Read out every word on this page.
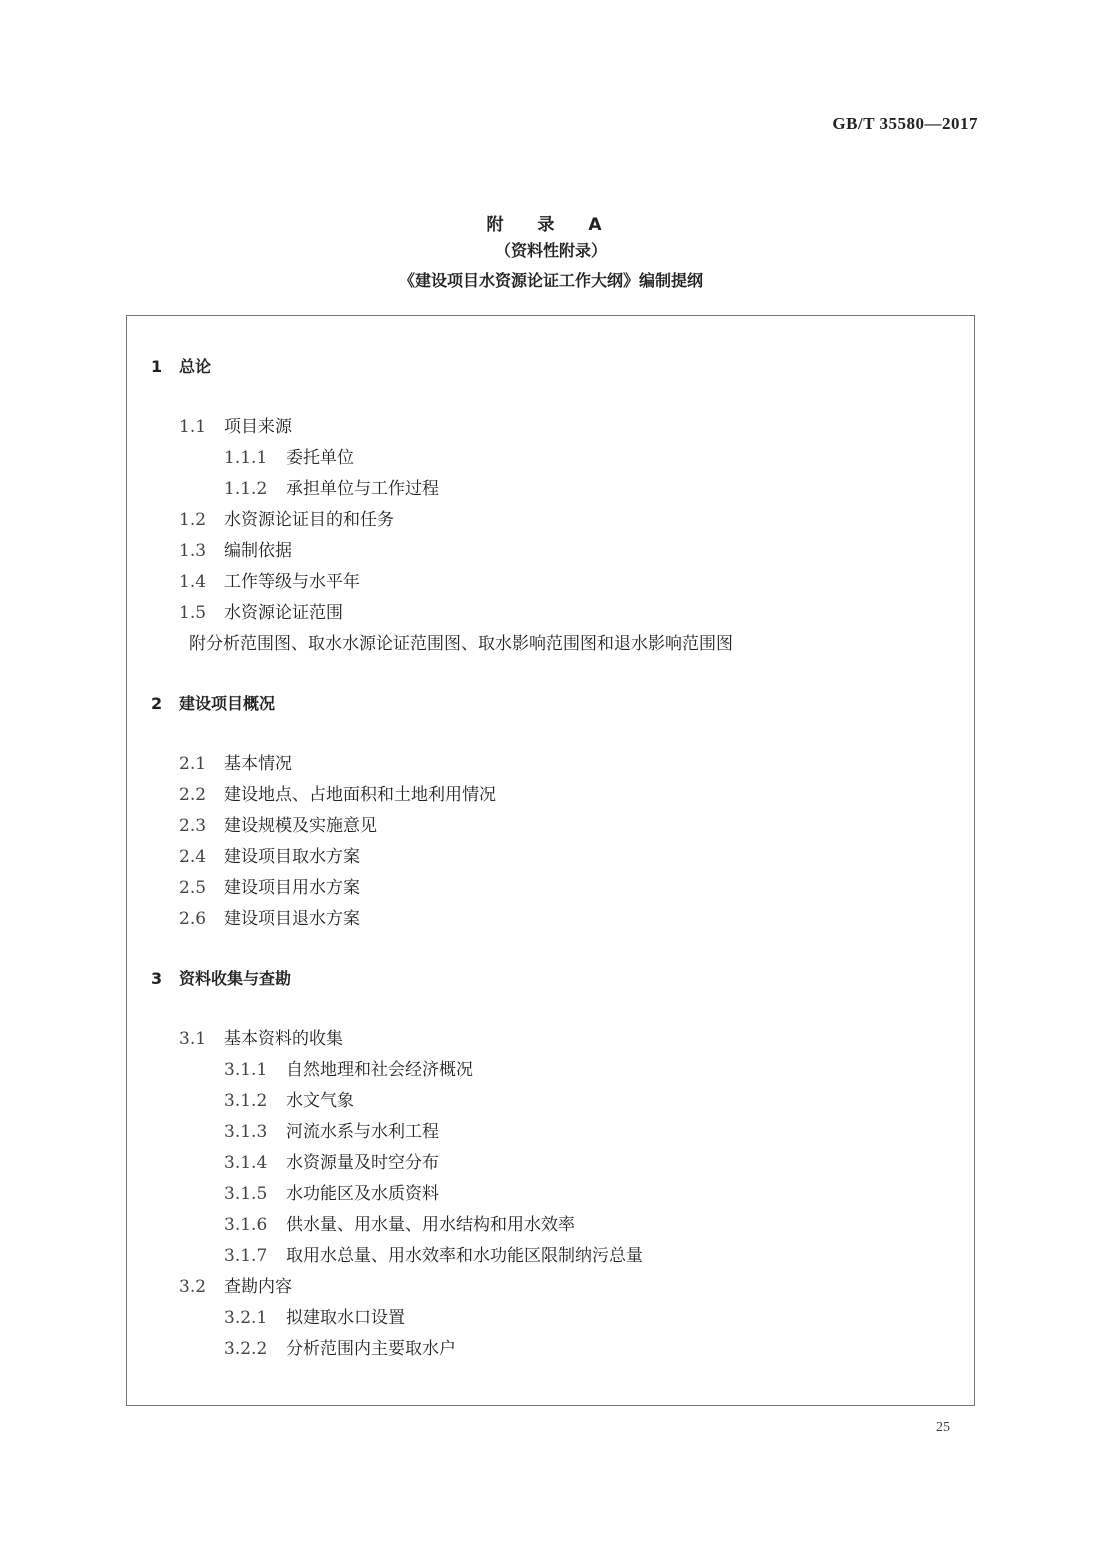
GB/T 35580—2017
附 录 A
（资料性附录）
《建设项目水资源论证工作大纲》编制提纲
1 总论
1.1 项目来源
1.1.1 委托单位
1.1.2 承担单位与工作过程
1.2 水资源论证目的和任务
1.3 编制依据
1.4 工作等级与水平年
1.5 水资源论证范围
附分析范围图、取水水源论证范围图、取水影响范围图和退水影响范围图
2 建设项目概况
2.1 基本情况
2.2 建设地点、占地面积和土地利用情况
2.3 建设规模及实施意见
2.4 建设项目取水方案
2.5 建设项目用水方案
2.6 建设项目退水方案
3 资料收集与查勘
3.1 基本资料的收集
3.1.1 自然地理和社会经济概况
3.1.2 水文气象
3.1.3 河流水系与水利工程
3.1.4 水资源量及时空分布
3.1.5 水功能区及水质资料
3.1.6 供水量、用水量、用水结构和用水效率
3.1.7 取用水总量、用水效率和水功能区限制纳污总量
3.2 查勘内容
3.2.1 拟建取水口设置
3.2.2 分析范围内主要取水户
25
